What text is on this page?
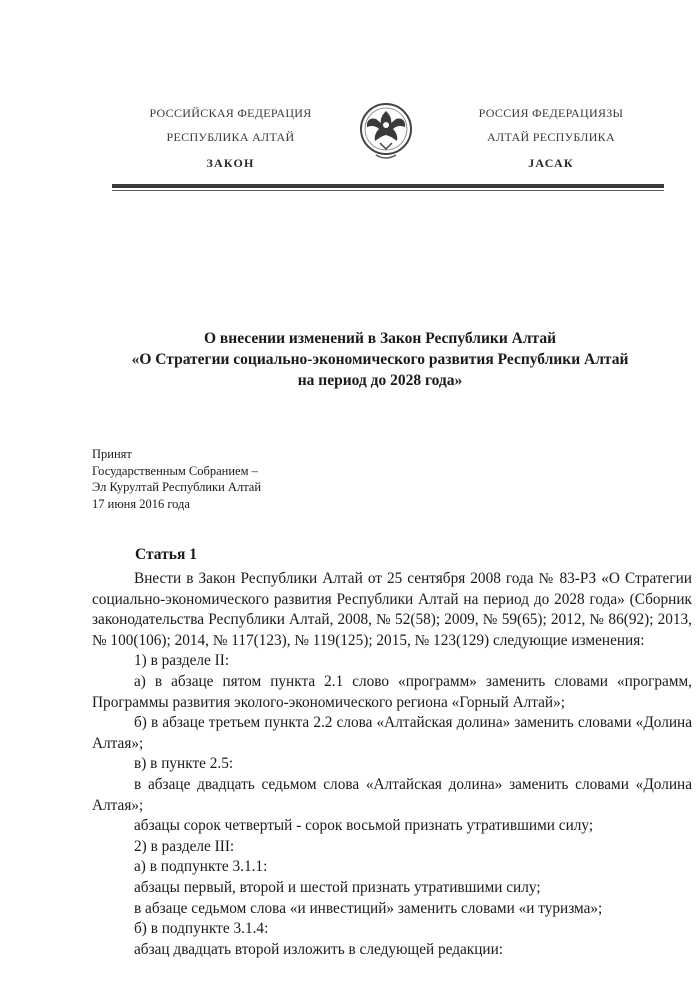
РОССИЙСКАЯ ФЕДЕРАЦИЯ
РЕСПУБЛИКА АЛТАЙ
ЗАКОН
РОССИЯ ФЕДЕРАЦИЯЗЫ
АЛТАЙ РЕСПУБЛИКА
ЈАСАК
О внесении изменений в Закон Республики Алтай
«О Стратегии социально-экономического развития Республики Алтай
на период до 2028 года»
Принят
Государственным Собранием –
Эл Курултай Республики Алтай
17 июня 2016 года
Статья 1

Внести в Закон Республики Алтай от 25 сентября 2008 года № 83-РЗ «О Стратегии социально-экономического развития Республики Алтай на период до 2028 года» (Сборник законодательства Республики Алтай, 2008, № 52(58); 2009, № 59(65); 2012, № 86(92); 2013, № 100(106); 2014, № 117(123), № 119(125); 2015, № 123(129) следующие изменения:

1) в разделе II:

а) в абзаце пятом пункта 2.1 слово «программ» заменить словами «программ, Программы развития эколого-экономического региона «Горный Алтай»;

б) в абзаце третьем пункта 2.2 слова «Алтайская долина» заменить словами «Долина Алтая»;

в) в пункте 2.5:

в абзаце двадцать седьмом слова «Алтайская долина» заменить словами «Долина Алтая»;

абзацы сорок четвертый - сорок восьмой признать утратившими силу;

2) в разделе III:

а) в подпункте 3.1.1:

абзацы первый, второй и шестой признать утратившими силу;

в абзаце седьмом слова «и инвестиций» заменить словами «и туризма»;

б) в подпункте 3.1.4:

абзац двадцать второй изложить в следующей редакции:
